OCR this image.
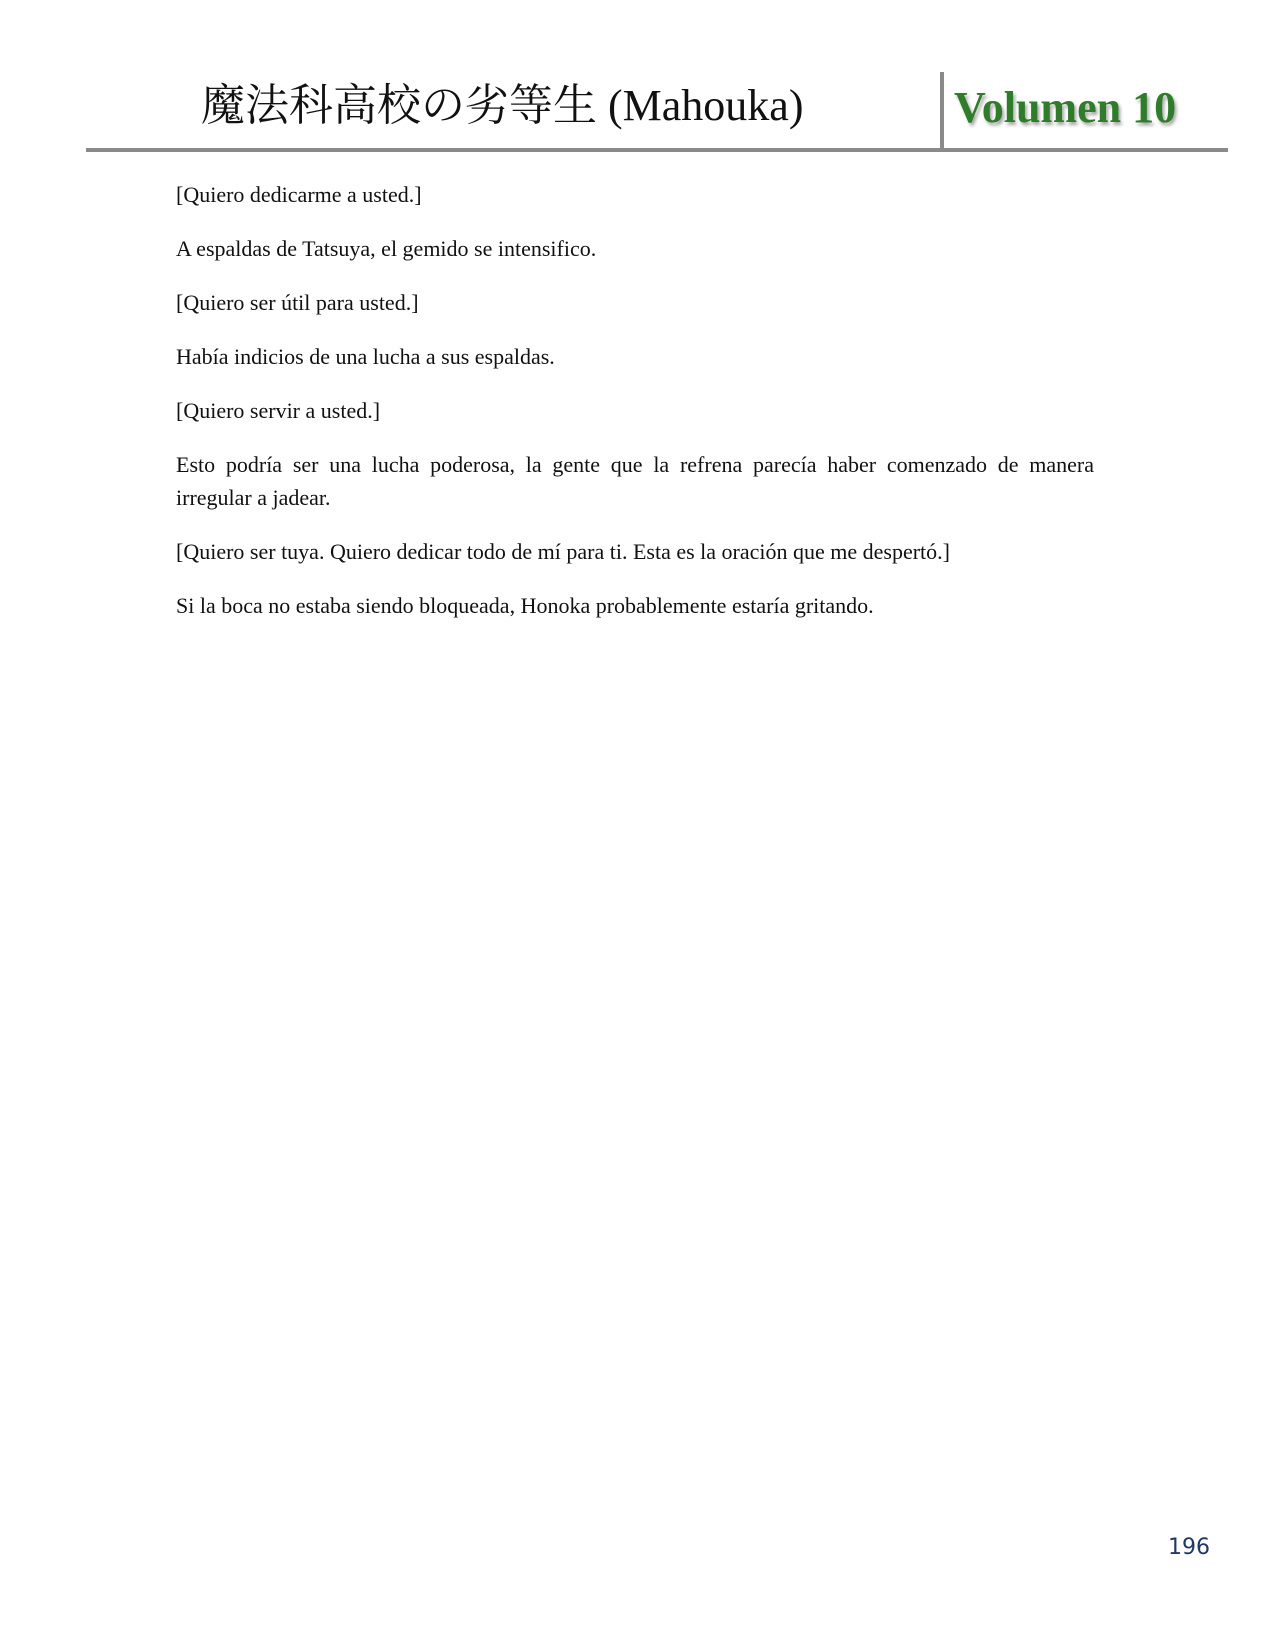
魔法科高校の劣等生 (Mahouka)	Volumen 10

[Quiero dedicarme a usted.]

A espaldas de Tatsuya, el gemido se intensifico.

[Quiero ser útil para usted.]

Había indicios de una lucha a sus espaldas.

[Quiero servir a usted.]

Esto podría ser una lucha poderosa, la gente que la refrena parecía haber comenzado de manera irregular a jadear.

[Quiero ser tuya. Quiero dedicar todo de mí para ti. Esta es la oración que me despertó.]

Si la boca no estaba siendo bloqueada, Honoka probablemente estaría gritando.

196
